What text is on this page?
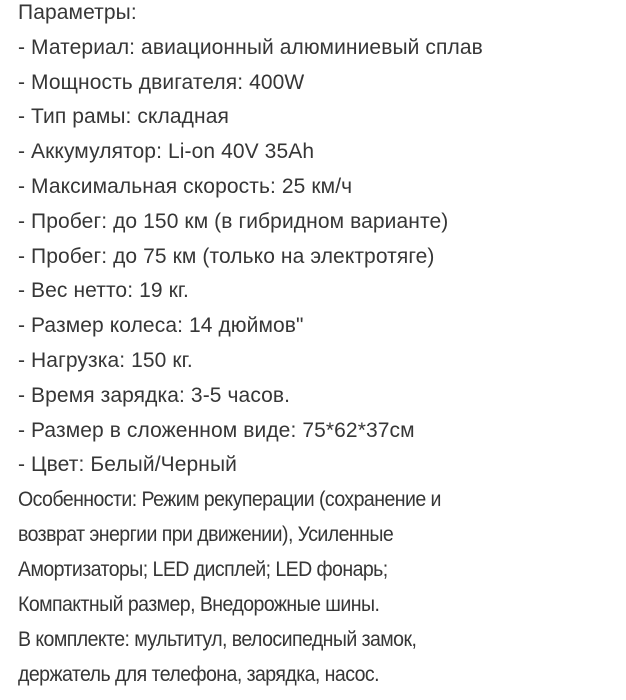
Параметры:
- Материал: авиационный алюминиевый сплав
- Мощность двигателя: 400W
- Тип рамы: складная
- Аккумулятор: Li-on 40V 35Ah
- Максимальная скорость: 25 км/ч
- Пробег: до 150 км (в гибридном варианте)
- Пробег: до 75 км (только на электротяге)
- Вес нетто: 19 кг.
- Размер колеса: 14 дюймов"
- Нагрузка: 150 кг.
- Время зарядка: 3-5 часов.
- Размер в сложенном виде: 75*62*37см
- Цвет: Белый/Черный
Особенности: Режим рекуперации (сохранение и
возврат энергии при движении), Усиленные
Амортизаторы; LED дисплей; LED фонарь;
Компактный размер, Внедорожные шины.
В комплекте: мультитул, велосипедный замок,
держатель для телефона, зарядка, насос.
